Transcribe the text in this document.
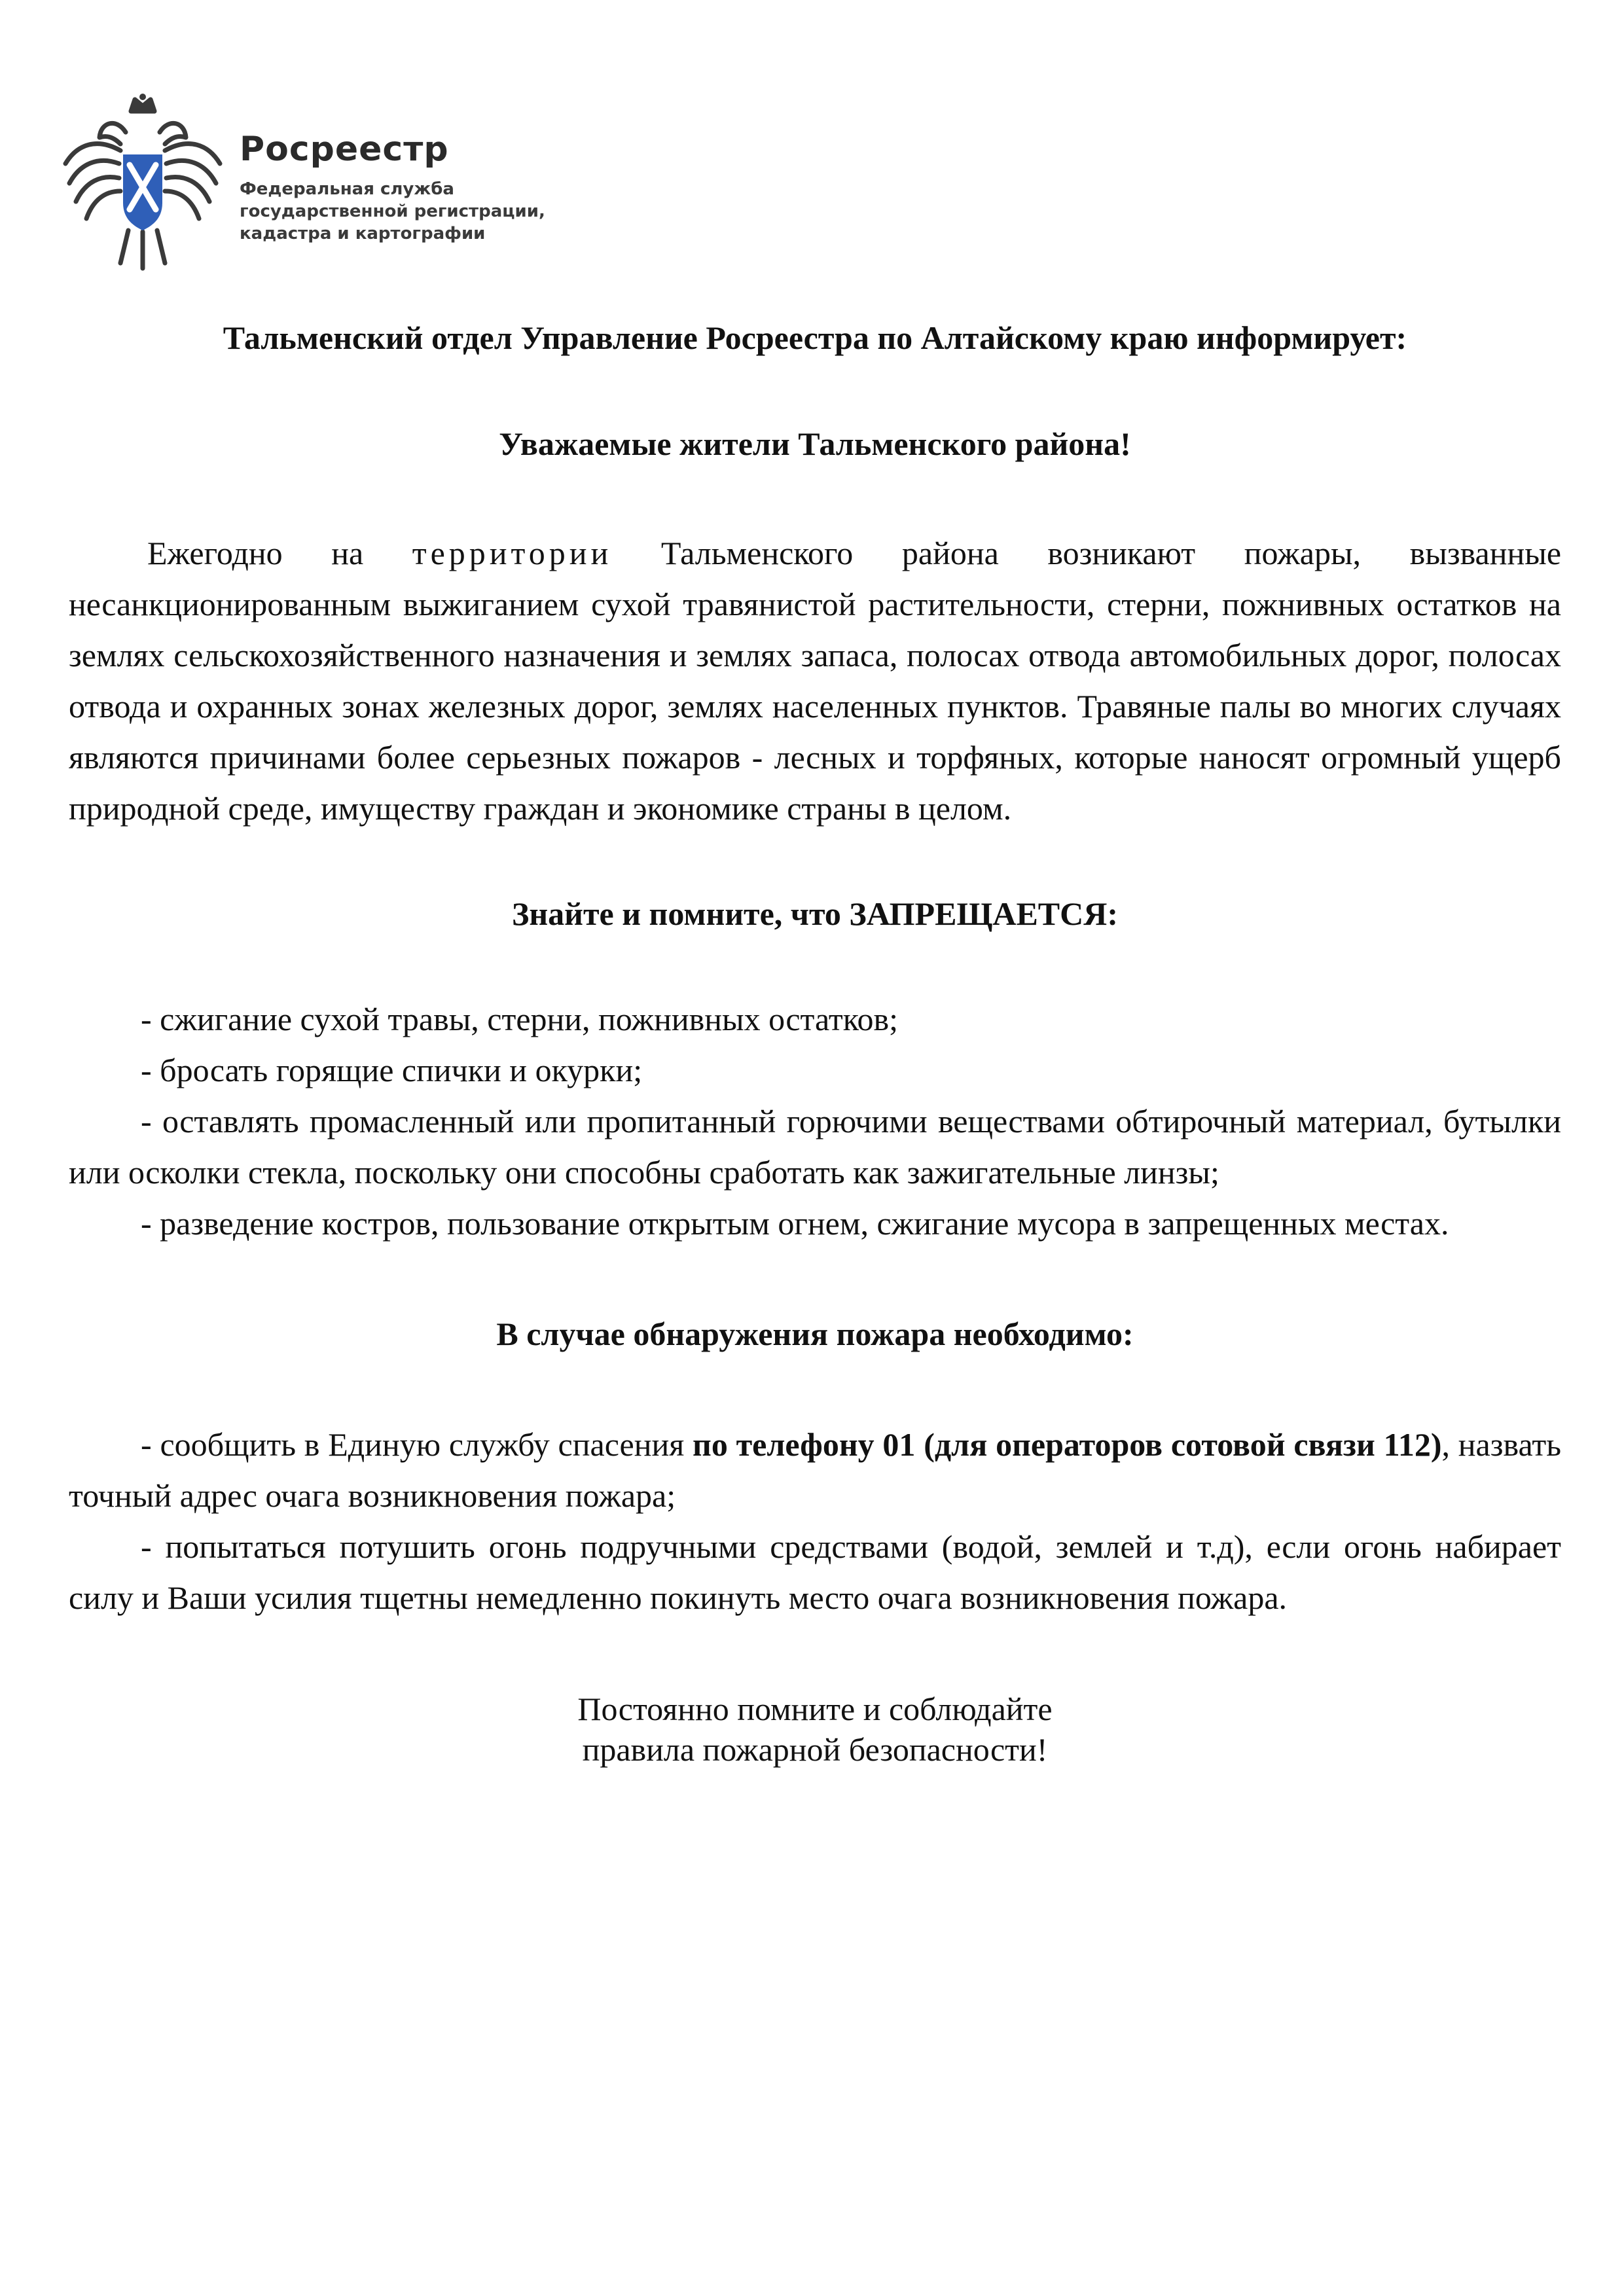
Росреестр
Федеральная служба
государственной регистрации,
кадастра и картографии
Тальменский отдел Управление Росреестра по Алтайскому краю информирует:
Уважаемые жители Тальменского района!

Ежегодно на территории Тальменского района возникают пожары, вызванные несанкционированным выжиганием сухой травянистой растительности, стерни, пожнивных остатков на землях сельскохозяйственного назначения и землях запаса, полосах отвода автомобильных дорог, полосах отвода и охранных зонах железных дорог, землях населенных пунктов. Травяные палы во многих случаях являются причинами более серьезных пожаров - лесных и торфяных, которые наносят огромный ущерб природной среде, имуществу граждан и экономике страны в целом.

Знайте и помните, что ЗАПРЕЩАЕТСЯ:

- сжигание сухой травы, стерни, пожнивных остатков;

- бросать горящие спички и окурки;

- оставлять промасленный или пропитанный горючими веществами обтирочный материал, бутылки или осколки стекла, поскольку они способны сработать как зажигательные линзы;

- разведение костров, пользование открытым огнем, сжигание мусора в запрещенных местах.

В случае обнаружения пожара необходимо:

- сообщить в Единую службу спасения по телефону 01 (для операторов сотовой связи 112), назвать точный адрес очага возникновения пожара;

- попытаться потушить огонь подручными средствами (водой, землей и т.д), если огонь набирает силу и Ваши усилия тщетны немедленно покинуть место очага возникновения пожара.

Постоянно помните и соблюдайте

правила пожарной безопасности!
